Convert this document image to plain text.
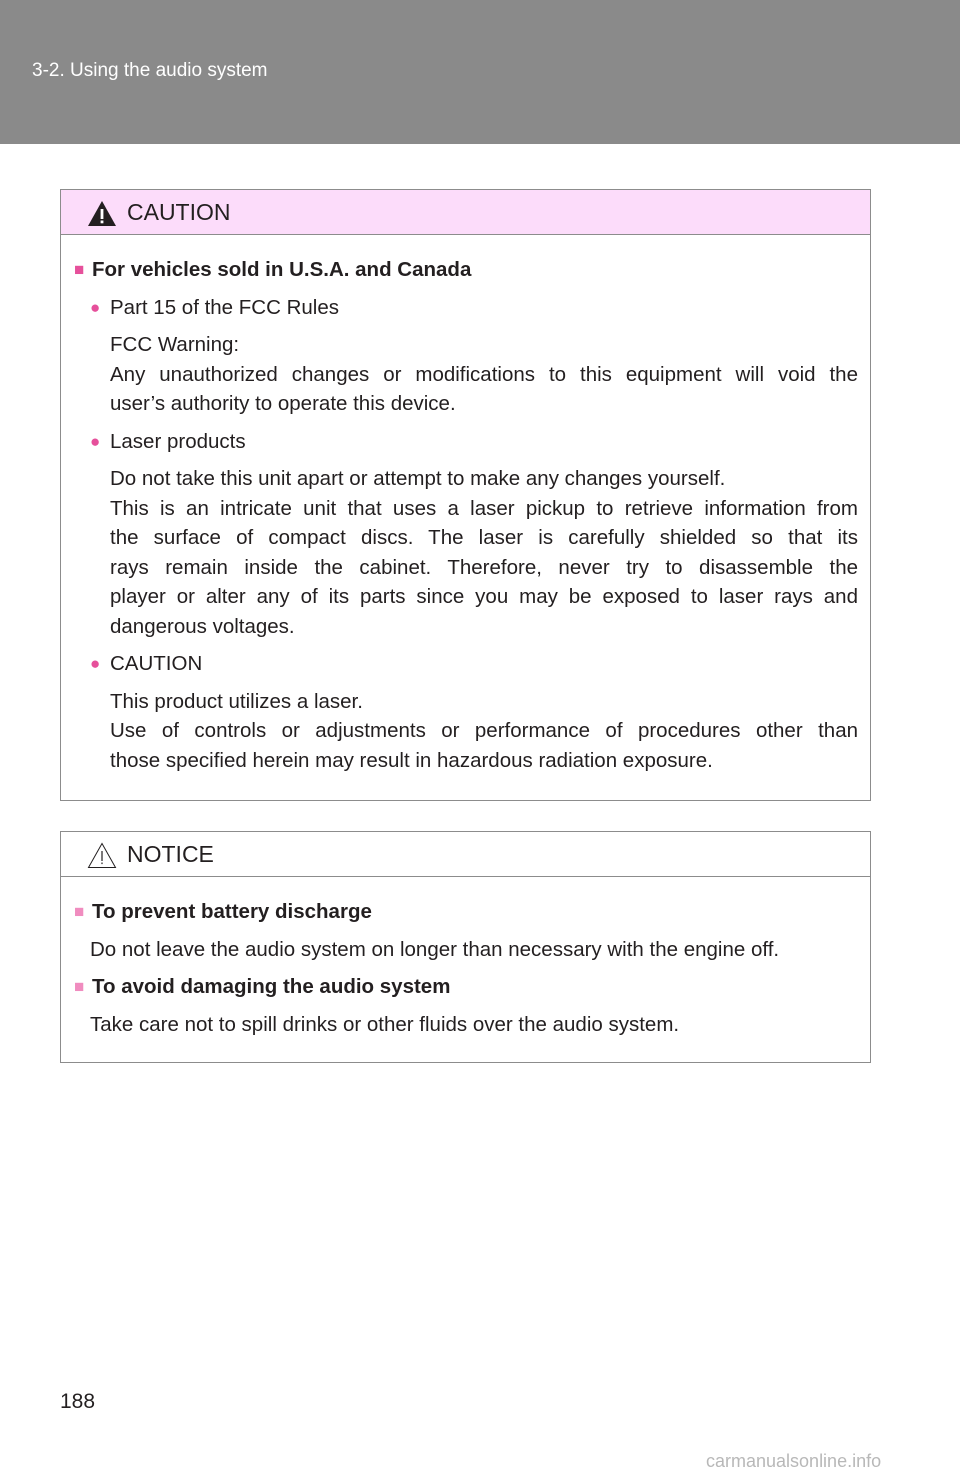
3-2. Using the audio system
CAUTION
■ For vehicles sold in U.S.A. and Canada
● Part 15 of the FCC Rules
FCC Warning:
Any unauthorized changes or modifications to this equipment will void the
user’s authority to operate this device.
● Laser products
Do not take this unit apart or attempt to make any changes yourself.
This is an intricate unit that uses a laser pickup to retrieve information from
the surface of compact discs. The laser is carefully shielded so that its
rays remain inside the cabinet. Therefore, never try to disassemble the
player or alter any of its parts since you may be exposed to laser rays and
dangerous voltages.
● CAUTION
This product utilizes a laser.
Use of controls or adjustments or performance of procedures other than
those specified herein may result in hazardous radiation exposure.
NOTICE
■ To prevent battery discharge
Do not leave the audio system on longer than necessary with the engine off.
■ To avoid damaging the audio system
Take care not to spill drinks or other fluids over the audio system.
188
carmanualsonline.info
